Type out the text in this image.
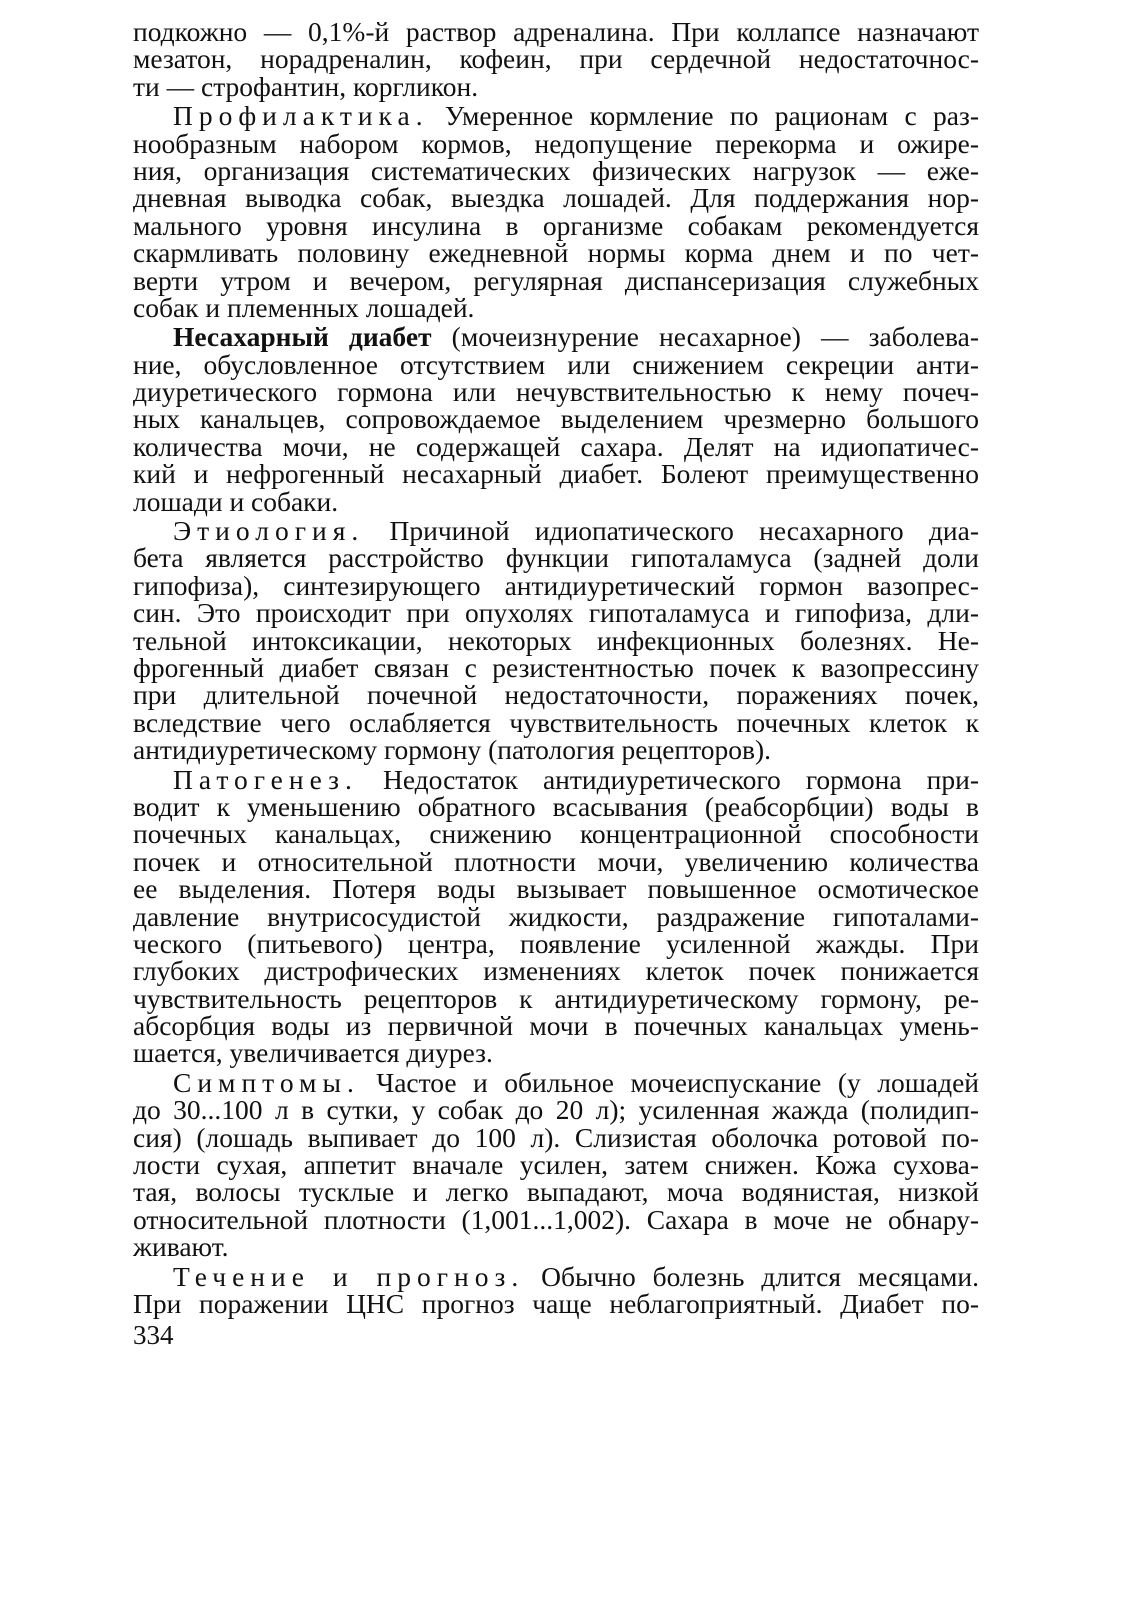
подкожно — 0,1%-й раствор адреналина. При коллапсе назначают
мезатон, норадреналин, кофеин, при сердечной недостаточнос-
ти — строфантин, коргликон.
Профилактика. Умеренное кормление по рационам с раз-
нообразным набором кормов, недопущение перекорма и ожире-
ния, организация систематических физических нагрузок — еже-
дневная выводка собак, выездка лошадей. Для поддержания нор-
мального уровня инсулина в организме собакам рекомендуется
скармливать половину ежедневной нормы корма днем и по чет-
верти утром и вечером, регулярная диспансеризация служебных
собак и племенных лошадей.
Несахарный диабет (мочеизнурение несахарное) — заболева-
ние, обусловленное отсутствием или снижением секреции анти-
диуретического гормона или нечувствительностью к нему почеч-
ных канальцев, сопровождаемое выделением чрезмерно большого
количества мочи, не содержащей сахара. Делят на идиопатичес-
кий и нефрогенный несахарный диабет. Болеют преимущественно
лошади и собаки.
Этиология. Причиной идиопатического несахарного диа-
бета является расстройство функции гипоталамуса (задней доли
гипофиза), синтезирующего антидиуретический гормон вазопрес-
син. Это происходит при опухолях гипоталамуса и гипофиза, дли-
тельной интоксикации, некоторых инфекционных болезнях. Не-
фрогенный диабет связан с резистентностью почек к вазопрессину
при длительной почечной недостаточности, поражениях почек,
вследствие чего ослабляется чувствительность почечных клеток к
антидиуретическому гормону (патология рецепторов).
Патогенез. Недостаток антидиуретического гормона при-
водит к уменьшению обратного всасывания (реабсорбции) воды в
почечных канальцах, снижению концентрационной способности
почек и относительной плотности мочи, увеличению количества
ее выделения. Потеря воды вызывает повышенное осмотическое
давление внутрисосудистой жидкости, раздражение гипоталами-
ческого (питьевого) центра, появление усиленной жажды. При
глубоких дистрофических изменениях клеток почек понижается
чувствительность рецепторов к антидиуретическому гормону, ре-
абсорбция воды из первичной мочи в почечных канальцах умень-
шается, увеличивается диурез.
Симптомы. Частое и обильное мочеиспускание (у лошадей
до 30...100 л в сутки, у собак до 20 л); усиленная жажда (полидип-
сия) (лошадь выпивает до 100 л). Слизистая оболочка ротовой по-
лости сухая, аппетит вначале усилен, затем снижен. Кожа сухова-
тая, волосы тусклые и легко выпадают, моча водянистая, низкой
относительной плотности (1,001...1,002). Сахара в моче не обнару-
живают.
Течение и прогноз. Обычно болезнь длится месяцами.
При поражении ЦНС прогноз чаще неблагоприятный. Диабет по-
334
